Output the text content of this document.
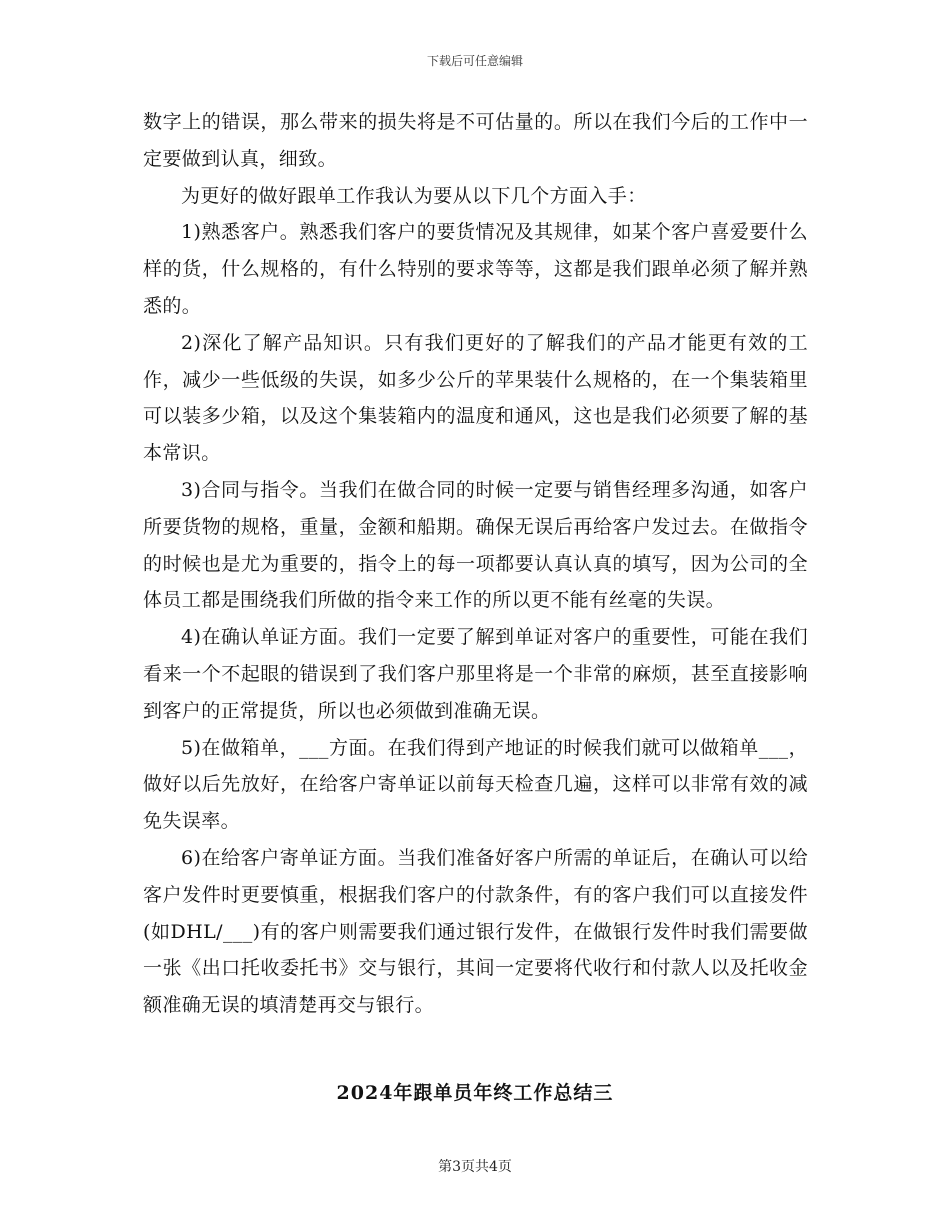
下载后可任意编辑

数字上的错误，那么带来的损失将是不可估量的。所以在我们今后的工作中一定要做到认真，细致。

为更好的做好跟单工作我认为要从以下几个方面入手：

1)熟悉客户。熟悉我们客户的要货情况及其规律，如某个客户喜爱要什么样的货，什么规格的，有什么特别的要求等等，这都是我们跟单必须了解并熟悉的。

2)深化了解产品知识。只有我们更好的了解我们的产品才能更有效的工作，减少一些低级的失误，如多少公斤的苹果装什么规格的，在一个集装箱里可以装多少箱，以及这个集装箱内的温度和通风，这也是我们必须要了解的基本常识。

3)合同与指令。当我们在做合同的时候一定要与销售经理多沟通，如客户所要货物的规格，重量，金额和船期。确保无误后再给客户发过去。在做指令的时候也是尤为重要的，指令上的每一项都要认真认真的填写，因为公司的全体员工都是围绕我们所做的指令来工作的所以更不能有丝毫的失误。

4)在确认单证方面。我们一定要了解到单证对客户的重要性，可能在我们看来一个不起眼的错误到了我们客户那里将是一个非常的麻烦，甚至直接影响到客户的正常提货，所以也必须做到准确无误。

5)在做箱单，___方面。在我们得到产地证的时候我们就可以做箱单___，做好以后先放好，在给客户寄单证以前每天检查几遍，这样可以非常有效的减免失误率。

6)在给客户寄单证方面。当我们准备好客户所需的单证后，在确认可以给客户发件时更要慎重，根据我们客户的付款条件，有的客户我们可以直接发件(如DHL/___)有的客户则需要我们通过银行发件，在做银行发件时我们需要做一张《出口托收委托书》交与银行，其间一定要将代收行和付款人以及托收金额准确无误的填清楚再交与银行。

2024年跟单员年终工作总结三
第3页共4页
